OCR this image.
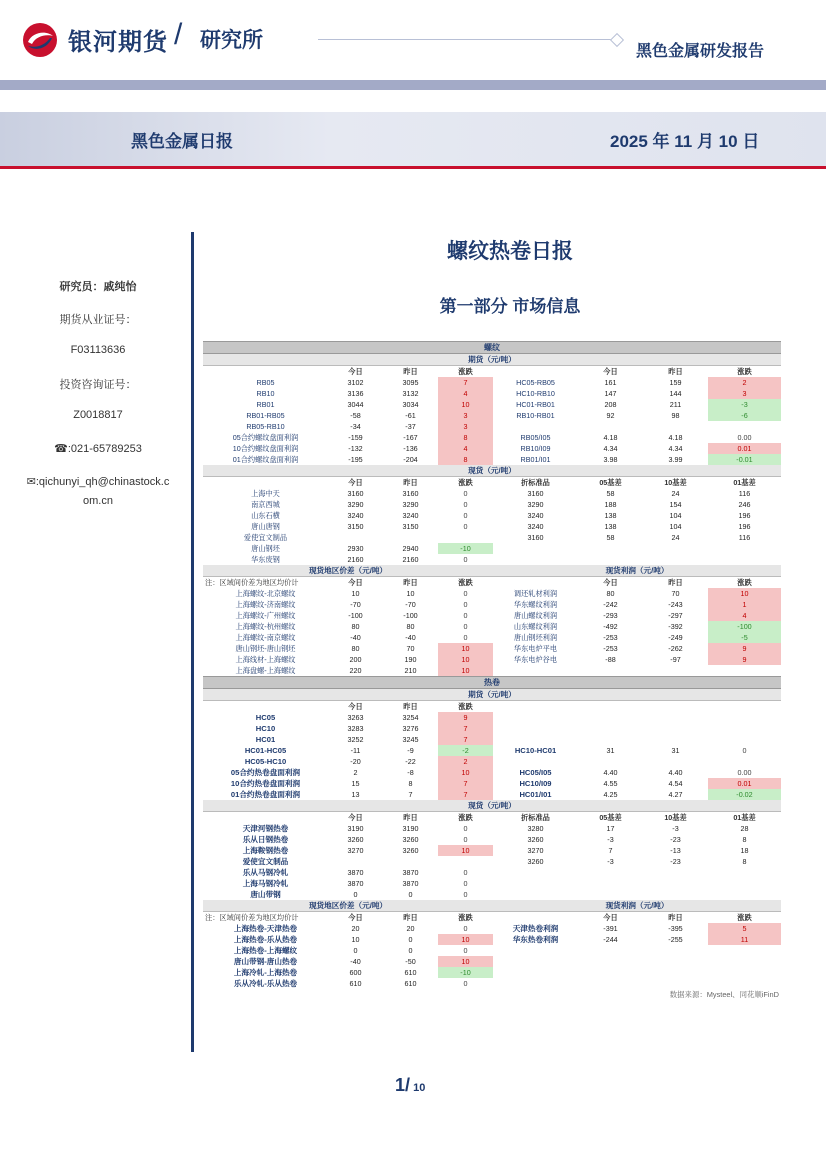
银河期货 / 研究所	黑色金属研发报告
黑色金属日报	2025 年 11 月 10 日
研究员：戚纯怡
期货从业证号：
F03113636
投资咨询证号：
Z0018817
☎:021-65789253
✉:qichunyi_qh@chinastock.c
om.cn
螺纹热卷日报
第一部分 市场信息
螺纹							
期货（元/吨）							
	今日	昨日	涨跌		今日	昨日	涨跌
RB05	3102	3095	7	HC05-RB05	161	159	2
RB10	3136	3132	4	HC10-RB10	147	144	3
RB01	3044	3034	10	HC01-RB01	208	211	-3
RB01-RB05	-58	-61	3	RB10-RB01	92	98	-6
RB05-RB10	-34	-37	3				
05合约螺纹盘面利润	-159	-167	8	RB05/I05	4.18	4.18	0.00
10合约螺纹盘面利润	-132	-136	4	RB10/I09	4.34	4.34	0.01
01合约螺纹盘面利润	-195	-204	8	RB01/I01	3.98	3.99	-0.01
现货（元/吨）							
	今日	昨日	涨跌	折标准品	05基差	10基差	01基差
上海中天	3160	3160	0	3160	58	24	116
南京西城	3290	3290	0	3290	188	154	246
山东石横	3240	3240	0	3240	138	104	196
唐山唐钢	3150	3150	0	3240	138	104	196
爱使宜文制品				3160	58	24	116
唐山钢坯	2930	2940	-10				
华东废钢	2160	2160	0				
现货地区价差（元/吨）				现货利润（元/吨）			
注：区域间价差为地区均价计	今日	昨日	涨跌		今日	昨日	涨跌
上海螺纹-北京螺纹	10	10	0	调还轧材利润	80	70	10
上海螺纹-济南螺纹	-70	-70	0	华东螺纹利润	-242	-243	1
上海螺纹-广州螺纹	-100	-100	0	唐山螺纹利润	-293	-297	4
上海螺纹-杭州螺纹	80	80	0	山东螺纹利润	-492	-392	-100
上海螺纹-南京螺纹	-40	-40	0	唐山钢坯利润	-253	-249	-5
唐山钢坯-唐山钢坯	80	70	10	华东电炉平电	-253	-262	9
上海线材-上海螺纹	200	190	10	华东电炉谷电	-88	-97	9
上海盘螺-上海螺纹	220	210	10				
热卷							
期货（元/吨）							
	今日	昨日	涨跌				
HC05	3263	3254	9				
HC10	3283	3276	7				
HC01	3252	3245	7				
HC01-HC05	-11	-9	-2	HC10-HC01	31	31	0
HC05-HC10	-20	-22	2				
05合约热卷盘面利润	2	-8	10	HC05/I05	4.40	4.40	0.00
10合约热卷盘面利润	15	8	7	HC10/I09	4.55	4.54	0.01
01合约热卷盘面利润	13	7	7	HC01/I01	4.25	4.27	-0.02
现货（元/吨）							
	今日	昨日	涨跌	折标准品	05基差	10基差	01基差
天津河钢热卷	3190	3190	0	3280	17	-3	28
乐从日钢热卷	3260	3260	0	3260	-3	-23	8
上海鞍钢热卷	3270	3260	10	3270	7	-13	18
爱使宜文制品				3260	-3	-23	8
乐从马钢冷轧	3870	3870	0				
上海马钢冷轧	3870	3870	0				
唐山带钢	0	0	0				
现货地区价差（元/吨）				现货利润（元/吨）			
注：区域间价差为地区均价计	今日	昨日	涨跌		今日	昨日	涨跌
上海热卷-天津热卷	20	20	0	天津热卷利润	-391	-395	5
上海热卷-乐从热卷	10	0	10	华东热卷利润	-244	-255	11
上海热卷-上海螺纹	0	0	0				
唐山带钢-唐山热卷	-40	-50	10				
上海冷轧-上海热卷	600	610	-10				
乐从冷轧-乐从热卷	610	610	0				
数据来源：Mysteel、同花顺iFinD							
1/ 10
